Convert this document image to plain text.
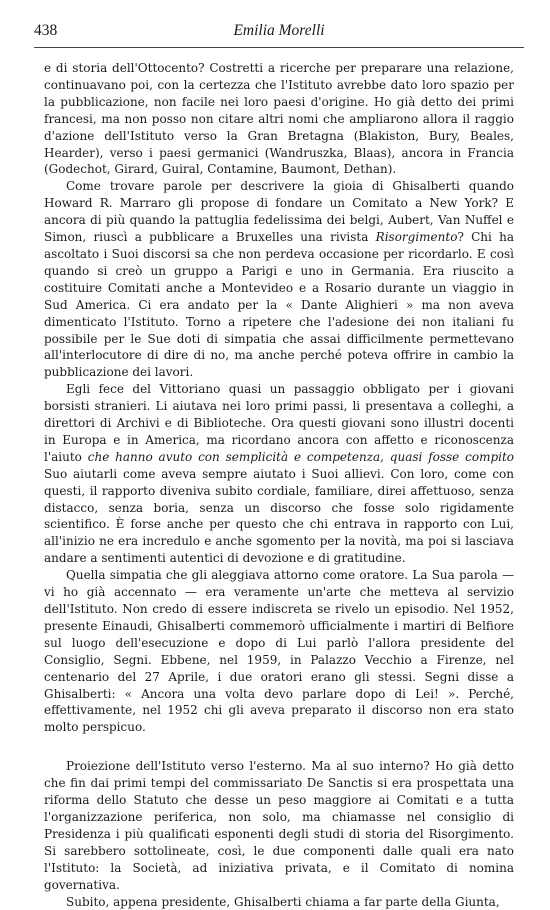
438	Emilia Morelli

e di storia dell'Ottocento? Costretti a ricerche per preparare una relazione, continuavano poi, con la certezza che l'Istituto avrebbe dato loro spazio per la pubblicazione, non facile nei loro paesi d'origine. Ho già detto dei primi francesi, ma non posso non citare altri nomi che ampliarono allora il raggio d'azione dell'Istituto verso la Gran Bretagna (Blakiston, Bury, Beales, Hearder), verso i paesi germanici (Wandruszka, Blaas), ancora in Francia (Godechot, Girard, Guiral, Contamine, Baumont, Dethan).

Come trovare parole per descrivere la gioia di Ghisalberti quando Howard R. Marraro gli propose di fondare un Comitato a New York? E ancora di più quando la pattuglia fedelissima dei belgi, Aubert, Van Nuffel e Simon, riuscì a pubblicare a Bruxelles una rivista Risorgimento? Chi ha ascoltato i Suoi discorsi sa che non perdeva occasione per ricordarlo. E così quando si creò un gruppo a Parigi e uno in Germania. Era riuscito a costituire Comitati anche a Montevideo e a Rosario durante un viaggio in Sud America. Ci era andato per la « Dante Alighieri » ma non aveva dimenticato l'Istituto. Torno a ripetere che l'adesione dei non italiani fu possibile per le Sue doti di simpatia che assai difficilmente permettevano all'interlocutore di dire di no, ma anche perché poteva offrire in cambio la pubblicazione dei lavori.

Egli fece del Vittoriano quasi un passaggio obbligato per i giovani borsisti stranieri. Li aiutava nei loro primi passi, li presentava a colleghi, a direttori di Archivi e di Biblioteche. Ora questi giovani sono illustri docenti in Europa e in America, ma ricordano ancora con affetto e riconoscenza l'aiuto che hanno avuto con semplicità e competenza, quasi fosse compito Suo aiutarli come aveva sempre aiutato i Suoi allievi. Con loro, come con questi, il rapporto diveniva subito cordiale, familiare, direi affettuoso, senza distacco, senza boria, senza un discorso che fosse solo rigidamente scientifico. È forse anche per questo che chi entrava in rapporto con Lui, all'inizio ne era incredulo e anche sgomento per la novità, ma poi si lasciava andare a sentimenti autentici di devozione e di gratitudine.

Quella simpatia che gli aleggiava attorno come oratore. La Sua parola — vi ho già accennato — era veramente un'arte che metteva al servizio dell'Istituto. Non credo di essere indiscreta se rivelo un episodio. Nel 1952, presente Einaudi, Ghisalberti commemorò ufficialmente i martiri di Belfiore sul luogo dell'esecuzione e dopo di Lui parlò l'allora presidente del Consiglio, Segni. Ebbene, nel 1959, in Palazzo Vecchio a Firenze, nel centenario del 27 Aprile, i due oratori erano gli stessi. Segni disse a Ghisalberti: « Ancora una volta devo parlare dopo di Lei! ». Perché, effettivamente, nel 1952 chi gli aveva preparato il discorso non era stato molto perspicuo.

Proiezione dell'Istituto verso l'esterno. Ma al suo interno? Ho già detto che fin dai primi tempi del commissariato De Sanctis si era prospettata una riforma dello Statuto che desse un peso maggiore ai Comitati e a tutta l'organizzazione periferica, non solo, ma chiamasse nel consiglio di Presidenza i più qualificati esponenti degli studi di storia del Risorgimento. Si sarebbero sottolineate, così, le due componenti dalle quali era nato l'Istituto: la Società, ad iniziativa privata, e il Comitato di nomina governativa.

Subito, appena presidente, Ghisalberti chiama a far parte della Giunta,
